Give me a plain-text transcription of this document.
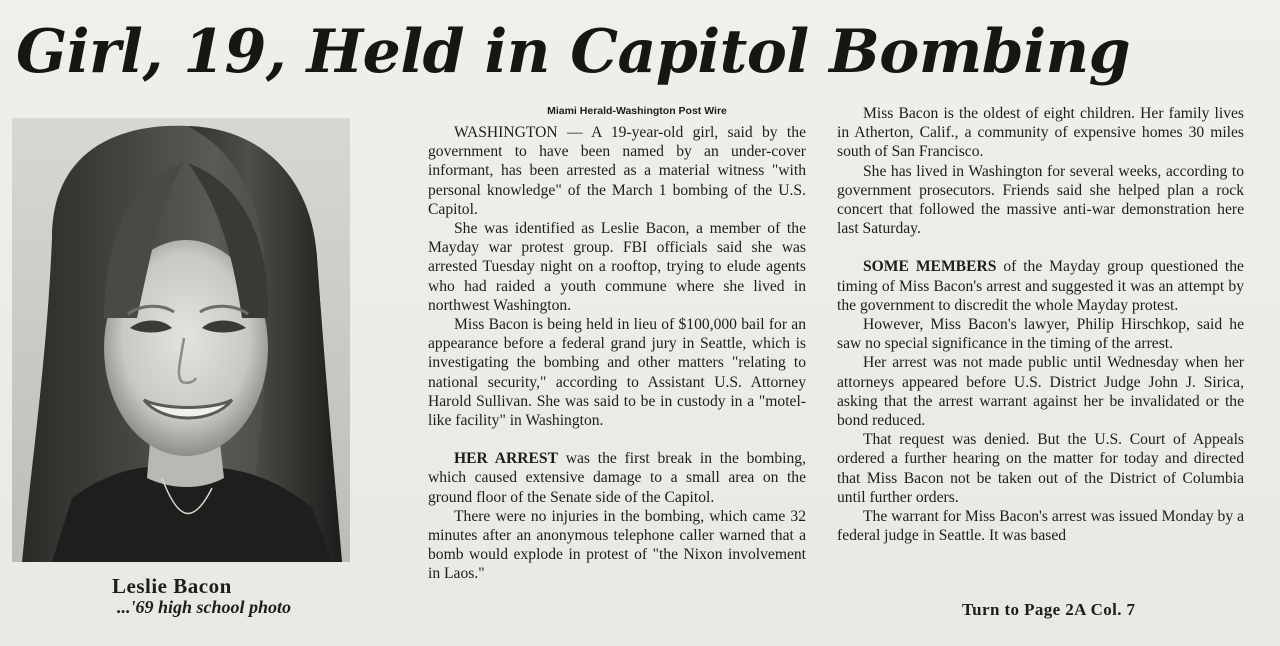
Girl, 19, Held in Capitol Bombing
Leslie Bacon
...'69 high school photo
Miami Herald-Washington Post Wire

WASHINGTON — A 19-year-old girl, said by the government to have been named by an under-cover informant, has been arrested as a material witness "with personal knowledge" of the March 1 bombing of the U.S. Capitol.

She was identified as Leslie Bacon, a member of the Mayday war protest group. FBI officials said she was arrested Tuesday night on a rooftop, trying to elude agents who had raided a youth commune where she lived in northwest Washington.

Miss Bacon is being held in lieu of $100,000 bail for an appearance before a federal grand jury in Seattle, which is investigating the bombing and other matters "relating to national security," according to Assistant U.S. Attorney Harold Sullivan. She was said to be in custody in a "motel-like facility" in Washington.

HER ARREST was the first break in the bombing, which caused extensive damage to a small area on the ground floor of the Senate side of the Capitol.

There were no injuries in the bombing, which came 32 minutes after an anonymous telephone caller warned that a bomb would explode in protest of "the Nixon involvement in Laos."

Miss Bacon is the oldest of eight children. Her family lives in Atherton, Calif., a community of expensive homes 30 miles south of San Francisco.

She has lived in Washington for several weeks, according to government prosecutors. Friends said she helped plan a rock concert that followed the massive anti-war demonstration here last Saturday.

SOME MEMBERS of the Mayday group questioned the timing of Miss Bacon's arrest and suggested it was an attempt by the government to discredit the whole Mayday protest.

However, Miss Bacon's lawyer, Philip Hirschkop, said he saw no special significance in the timing of the arrest.

Her arrest was not made public until Wednesday when her attorneys appeared before U.S. District Judge John J. Sirica, asking that the arrest warrant against her be invalidated or the bond reduced.

That request was denied. But the U.S. Court of Appeals ordered a further hearing on the matter for today and directed that Miss Bacon not be taken out of the District of Columbia until further orders.

The warrant for Miss Bacon's arrest was issued Monday by a federal judge in Seattle. It was based

Turn to Page 2A Col. 7
